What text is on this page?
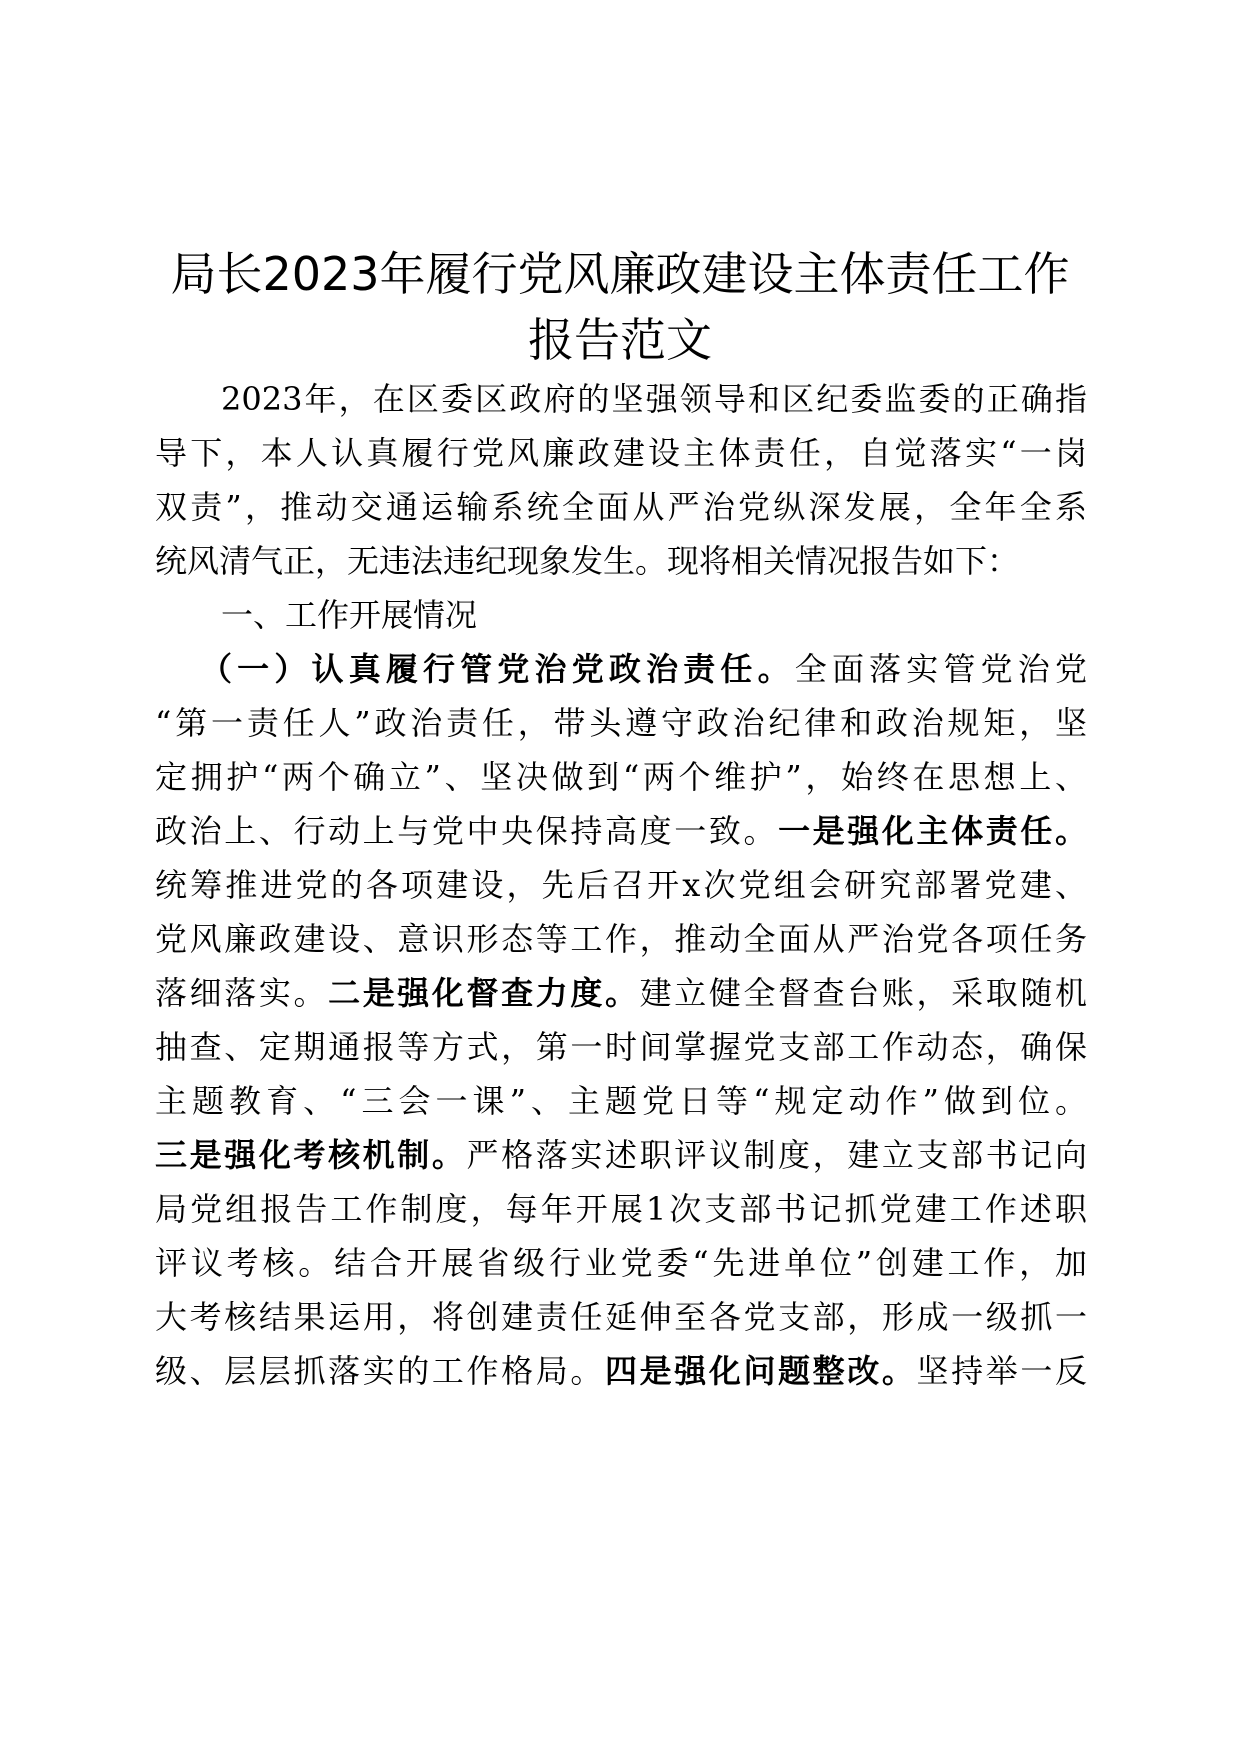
局长2023年履行党风廉政建设主体责任工作
报告范文
2023年，在区委区政府的坚强领导和区纪委监委的正确指
导下，本人认真履行党风廉政建设主体责任，自觉落实“一岗
双责”，推动交通运输系统全面从严治党纵深发展，全年全系
统风清气正，无违法违纪现象发生。现将相关情况报告如下：
一、工作开展情况
（一）认真履行管党治党政治责任。全面落实管党治党
“第一责任人”政治责任，带头遵守政治纪律和政治规矩，坚
定拥护“两个确立”、坚决做到“两个维护”，始终在思想上、
政治上、行动上与党中央保持高度一致。一是强化主体责任。
统筹推进党的各项建设，先后召开x次党组会研究部署党建、
党风廉政建设、意识形态等工作，推动全面从严治党各项任务
落细落实。二是强化督查力度。建立健全督查台账，采取随机
抽查、定期通报等方式，第一时间掌握党支部工作动态，确保
主题教育、“三会一课”、主题党日等“规定动作”做到位。
三是强化考核机制。严格落实述职评议制度，建立支部书记向
局党组报告工作制度，每年开展1次支部书记抓党建工作述职
评议考核。结合开展省级行业党委“先进单位”创建工作，加
大考核结果运用，将创建责任延伸至各党支部，形成一级抓一
级、层层抓落实的工作格局。四是强化问题整改。坚持举一反
